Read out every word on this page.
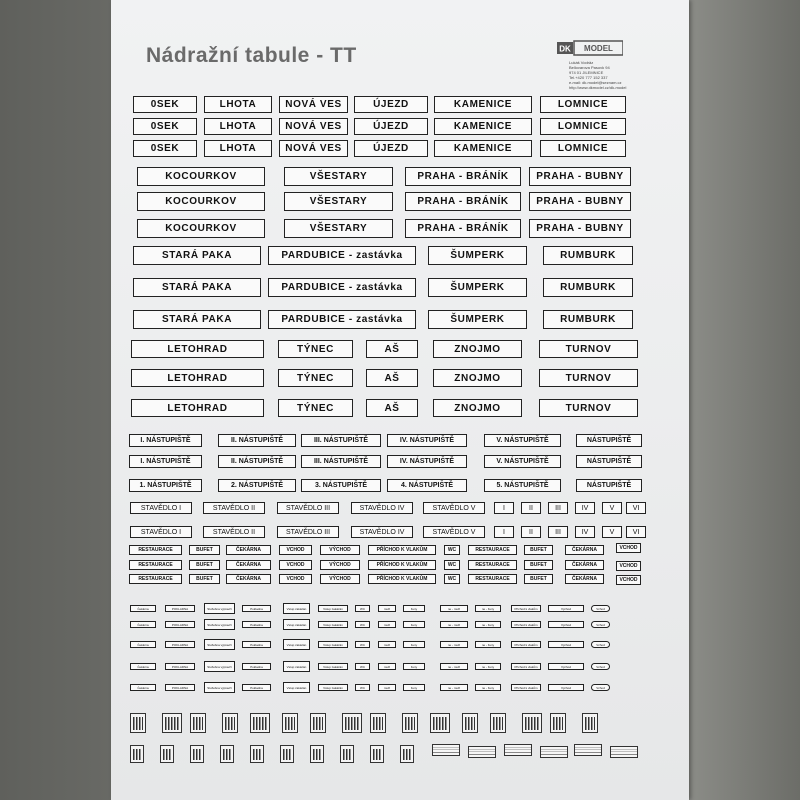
Nádražní tabule - TT	DK MODEL
Lukáš Vodrǎz
Bellovarova Pasovk 94
974 01 JILEMNICE
Tel.+420 777 152 337
e-mail: dk.model@seznam.cz
http://www.dkmodel.cz/dk-model
0SEK	LHOTA	NOVÁ VES	ÚJEZD	KAMENICE	LOMNICE
0SEK	LHOTA	NOVÁ VES	ÚJEZD	KAMENICE	LOMNICE
0SEK	LHOTA	NOVÁ VES	ÚJEZD	KAMENICE	LOMNICE
KOCOURKOV	VŠESTARY	PRAHA - BRÁNÍK	PRAHA - BUBNY
KOCOURKOV	VŠESTARY	PRAHA - BRÁNÍK	PRAHA - BUBNY
KOCOURKOV	VŠESTARY	PRAHA - BRÁNÍK	PRAHA - BUBNY
STARÁ PAKA	PARDUBICE - zastávka	ŠUMPERK	RUMBURK
STARÁ PAKA	PARDUBICE - zastávka	ŠUMPERK	RUMBURK
STARÁ PAKA	PARDUBICE - zastávka	ŠUMPERK	RUMBURK
LETOHRAD	TÝNEC	AŠ	ZNOJMO	TURNOV
LETOHRAD	TÝNEC	AŠ	ZNOJMO	TURNOV
LETOHRAD	TÝNEC	AŠ	ZNOJMO	TURNOV
I. NÁSTUPIŠTĚ	II. NÁSTUPIŠTĚ	III. NÁSTUPIŠTĚ	IV. NÁSTUPIŠTĚ	V. NÁSTUPIŠTĚ	NÁSTUPIŠTĚ
I. NÁSTUPIŠTĚ	II. NÁSTUPIŠTĚ	III. NÁSTUPIŠTĚ	IV. NÁSTUPIŠTĚ	V. NÁSTUPIŠTĚ	NÁSTUPIŠTĚ
1. NÁSTUPIŠTĚ	2. NÁSTUPIŠTĚ	3. NÁSTUPIŠTĚ	4. NÁSTUPIŠTĚ	5. NÁSTUPIŠTĚ	NÁSTUPIŠTĚ
STAVĚDLO I	STAVĚDLO II	STAVĚDLO III	STAVĚDLO IV	STAVĚDLO V	I	II	III	IV	V	VI
STAVĚDLO I	STAVĚDLO II	STAVĚDLO III	STAVĚDLO IV	STAVĚDLO V	I	II	III	IV	V	VI
RESTAURACE	BUFET	ČEKÁRNA	VCHOD	VÝCHOD	PŘÍCHOD K VLAKŮM	WC	RESTAURACE	BUFET	ČEKÁRNA	VCHOD
RESTAURACE	BUFET	ČEKÁRNA	VCHOD	VÝCHOD	PŘÍCHOD K VLAKŮM	WC	RESTAURACE	BUFET	ČEKÁRNA	VCHOD
RESTAURACE	BUFET	ČEKÁRNA	VCHOD	VÝCHOD	PŘÍCHOD K VLAKŮM	WC	RESTAURACE	BUFET	ČEKÁRNA	VCHOD
Čekárna	POKLADNA	Služebna výpravčí	Pokladna	Vstup zakázán	Vstup zakázán	WC	muži	ženy	ne - muži	ne - ženy	Příchod k vlakům	Východ	Vchod
Čekárna	POKLADNA	Služebna výpravčí	Pokladna	Vstup zakázán	Vstup zakázán	WC	muži	ženy	ne - muži	ne - ženy	Příchod k vlakům	Východ	Vchod
Čekárna	POKLADNA	Služebna výpravčí	Pokladna	Vstup zakázán	Vstup zakázán	WC	muži	ženy	ne - muži	ne - ženy	Příchod k vlakům	Východ	Vchod
Čekárna	POKLADNA	Služebna výpravčí	Pokladna	Vstup zakázán	Vstup zakázán	WC	muži	ženy	ne - muži	ne - ženy	Příchod k vlakům	Východ	Vchod
Čekárna	POKLADNA	Služebna výpravčí	Pokladna	Vstup zakázán	Vstup zakázán	WC	muži	ženy	ne - muži	ne - ženy	Příchod k vlakům	Východ	Vchod
